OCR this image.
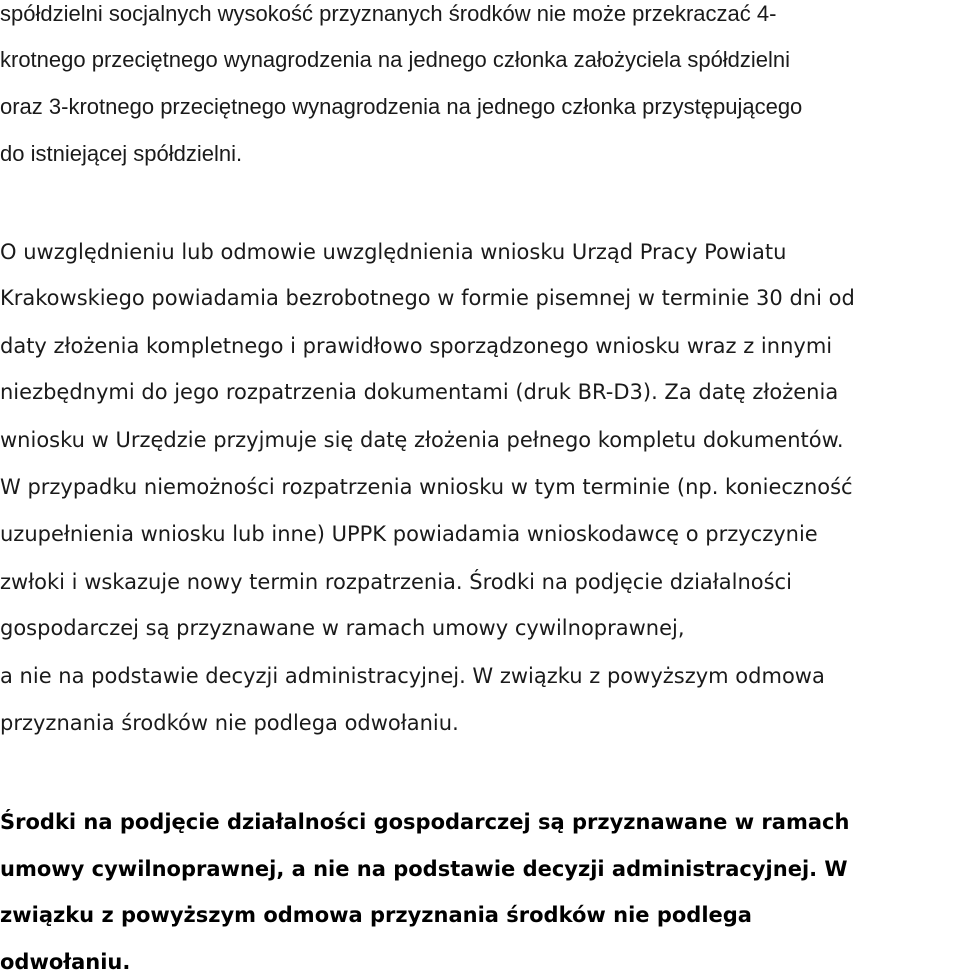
spółdzielni socjalnych wysokość przyznanych środków nie może przekraczać 4-
krotnego przeciętnego wynagrodzenia na jednego członka założyciela spółdzielni
oraz 3-krotnego przeciętnego wynagrodzenia na jednego członka przystępującego
do istniejącej spółdzielni.
O uwzględnieniu lub odmowie uwzględnienia wniosku Urząd Pracy Powiatu
Krakowskiego powiadamia bezrobotnego w formie pisemnej w terminie 30 dni od
daty złożenia kompletnego i prawidłowo sporządzonego wniosku wraz z innymi
niezbędnymi do jego rozpatrzenia dokumentami (druk BR-D3). Za datę złożenia
wniosku w Urzędzie przyjmuje się datę złożenia pełnego kompletu dokumentów.
W przypadku niemożności rozpatrzenia wniosku w tym terminie (np. konieczność
uzupełnienia wniosku lub inne) UPPK powiadamia wnioskodawcę o przyczynie
zwłoki i wskazuje nowy termin rozpatrzenia. Środki na podjęcie działalności
gospodarczej są przyznawane w ramach umowy cywilnoprawnej,
a nie na podstawie decyzji administracyjnej. W związku z powyższym odmowa
przyznania środków nie podlega odwołaniu.
Środki na podjęcie działalności gospodarczej są przyznawane w ramach
umowy cywilnoprawnej, a nie na podstawie decyzji administracyjnej. W
związku z powyższym odmowa przyznania środków nie podlega
odwołaniu.
